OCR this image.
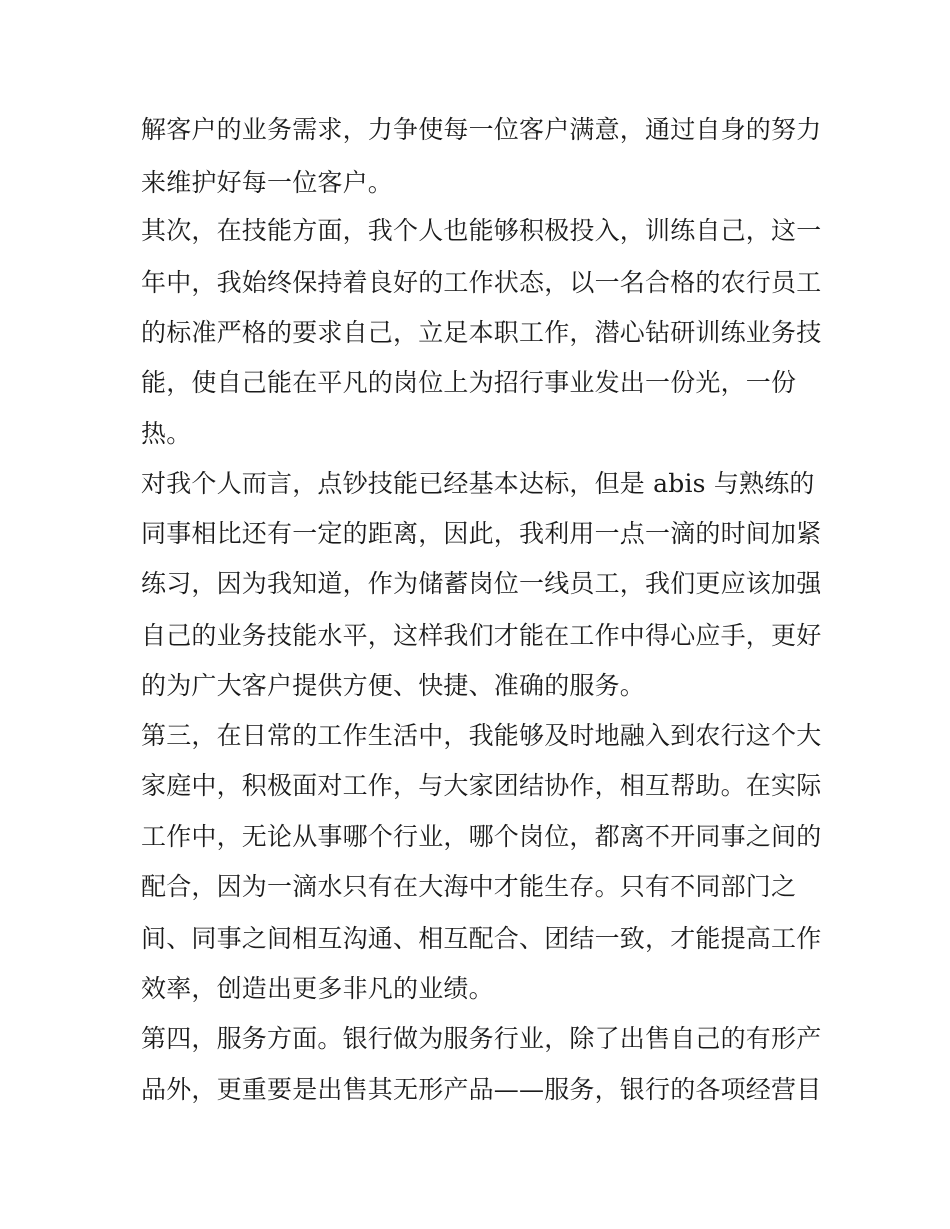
解客户的业务需求，力争使每一位客户满意，通过自身的努力

来维护好每一位客户。

其次，在技能方面，我个人也能够积极投入，训练自己，这一

年中，我始终保持着良好的工作状态，以一名合格的农行员工

的标准严格的要求自己，立足本职工作，潜心钻研训练业务技

能，使自己能在平凡的岗位上为招行事业发出一份光，一份

热。

对我个人而言，点钞技能已经基本达标，但是 abis 与熟练的

同事相比还有一定的距离，因此，我利用一点一滴的时间加紧

练习，因为我知道，作为储蓄岗位一线员工，我们更应该加强

自己的业务技能水平，这样我们才能在工作中得心应手，更好

的为广大客户提供方便、快捷、准确的服务。

第三，在日常的工作生活中，我能够及时地融入到农行这个大

家庭中，积极面对工作，与大家团结协作，相互帮助。在实际

工作中，无论从事哪个行业，哪个岗位，都离不开同事之间的

配合，因为一滴水只有在大海中才能生存。只有不同部门之

间、同事之间相互沟通、相互配合、团结一致，才能提高工作

效率，创造出更多非凡的业绩。

第四，服务方面。银行做为服务行业，除了出售自己的有形产

品外，更重要是出售其无形产品——服务，银行的各项经营目
